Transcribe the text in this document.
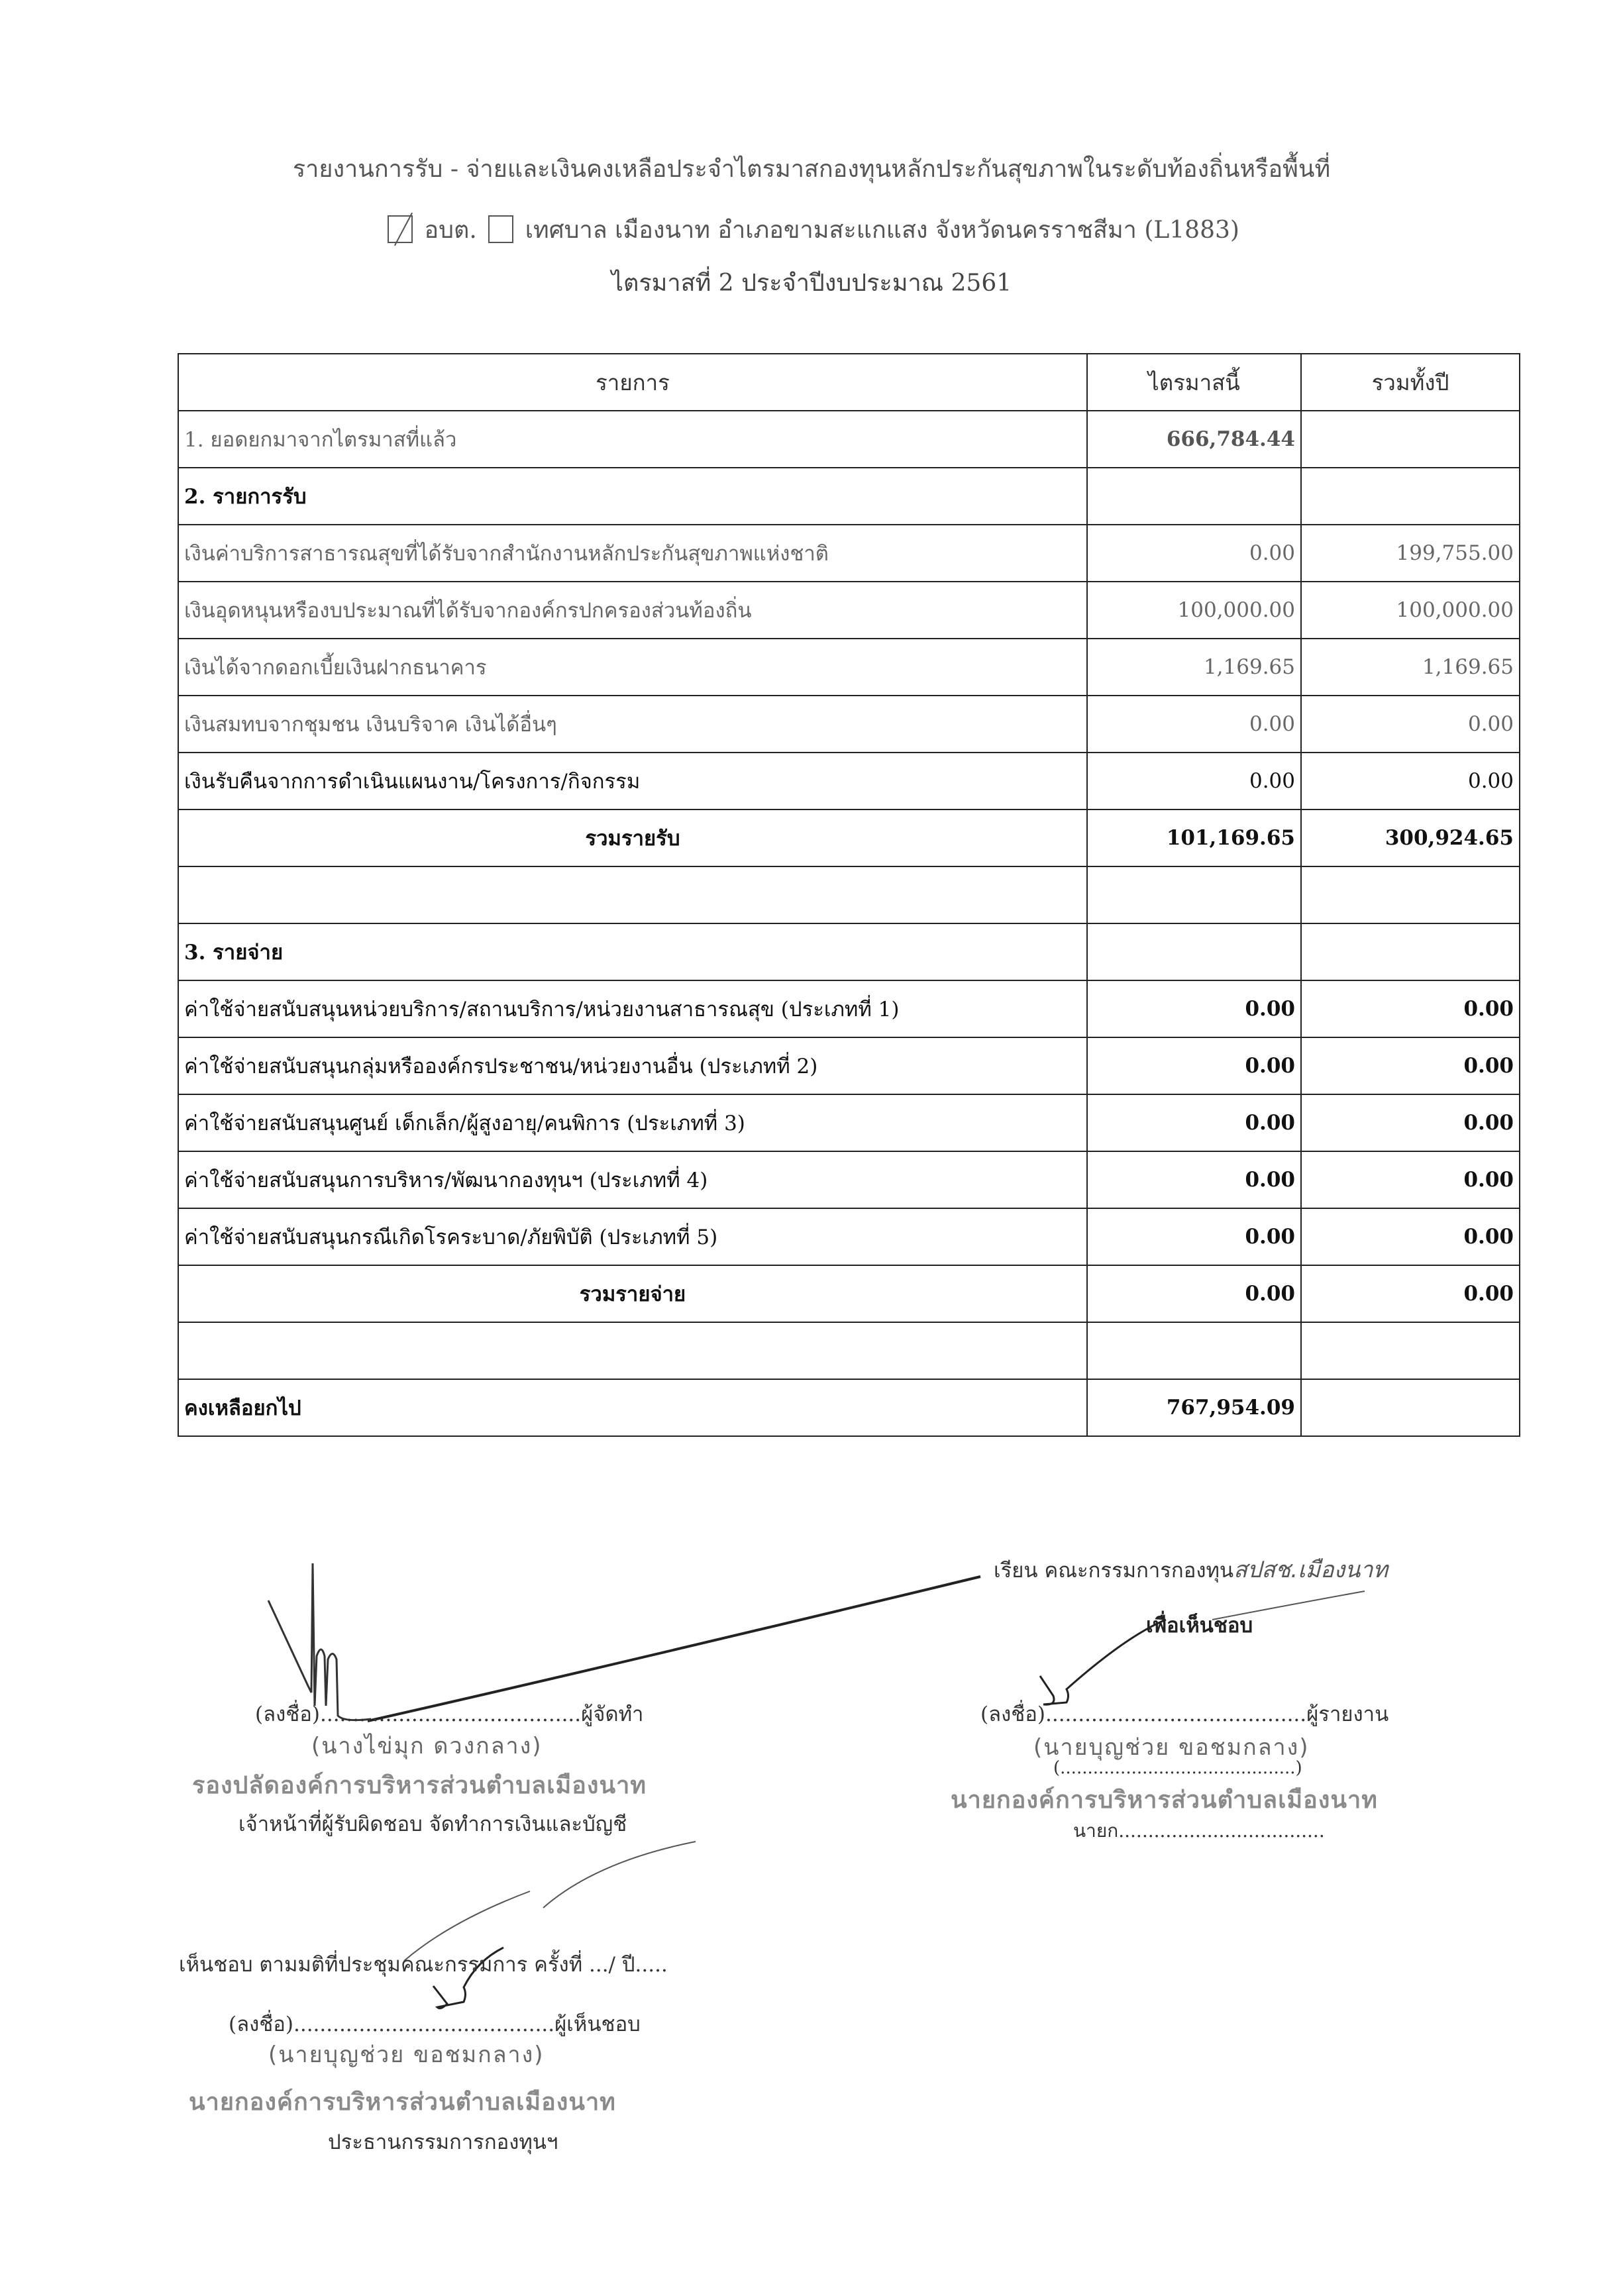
รายงานการรับ - จ่ายและเงินคงเหลือประจำไตรมาสกองทุนหลักประกันสุขภาพในระดับท้องถิ่นหรือพื้นที่
อบต. เทศบาล เมืองนาท อำเภอขามสะแกแสง จังหวัดนครราชสีมา (L1883)
ไตรมาสที่ 2 ประจำปีงบประมาณ 2561
รายการ	ไตรมาสนี้	รวมทั้งปี
1. ยอดยกมาจากไตรมาสที่แล้ว	666,784.44	
2. รายการรับ		
เงินค่าบริการสาธารณสุขที่ได้รับจากสำนักงานหลักประกันสุขภาพแห่งชาติ	0.00	199,755.00
เงินอุดหนุนหรืองบประมาณที่ได้รับจากองค์กรปกครองส่วนท้องถิ่น	100,000.00	100,000.00
เงินได้จากดอกเบี้ยเงินฝากธนาคาร	1,169.65	1,169.65
เงินสมทบจากชุมชน เงินบริจาค เงินได้อื่นๆ	0.00	0.00
เงินรับคืนจากการดำเนินแผนงาน/โครงการ/กิจกรรม	0.00	0.00
รวมรายรับ	101,169.65	300,924.65

3. รายจ่าย		
ค่าใช้จ่ายสนับสนุนหน่วยบริการ/สถานบริการ/หน่วยงานสาธารณสุข (ประเภทที่ 1)	0.00	0.00
ค่าใช้จ่ายสนับสนุนกลุ่มหรือองค์กรประชาชน/หน่วยงานอื่น (ประเภทที่ 2)	0.00	0.00
ค่าใช้จ่ายสนับสนุนศูนย์ เด็กเล็ก/ผู้สูงอายุ/คนพิการ (ประเภทที่ 3)	0.00	0.00
ค่าใช้จ่ายสนับสนุนการบริหาร/พัฒนากองทุนฯ (ประเภทที่ 4)	0.00	0.00
ค่าใช้จ่ายสนับสนุนกรณีเกิดโรคระบาด/ภัยพิบัติ (ประเภทที่ 5)	0.00	0.00
รวมรายจ่าย	0.00	0.00

คงเหลือยกไป	767,954.09	
(ลงชื่อ)........................................ผู้จัดทำ
(นางไข่มุก ดวงกลาง)
รองปลัดองค์การบริหารส่วนตำบลเมืองนาท
เจ้าหน้าที่ผู้รับผิดชอบ จัดทำการเงินและบัญชี
เรียน คณะกรรมการกองทุนสปสช.เมืองนาท
เพื่อเห็นชอบ
(ลงชื่อ)........................................ผู้รายงาน
(นายบุญช่วย ขอชมกลาง)
(...........................................)
นายกองค์การบริหารส่วนตำบลเมืองนาท
นายก...................................
เห็นชอบ ตามมติที่ประชุมคณะกรรมการ ครั้งที่ .../ ปี.....
(ลงชื่อ)........................................ผู้เห็นชอบ
(นายบุญช่วย ขอชมกลาง)
นายกองค์การบริหารส่วนตำบลเมืองนาท
ประธานกรรมการกองทุนฯ
